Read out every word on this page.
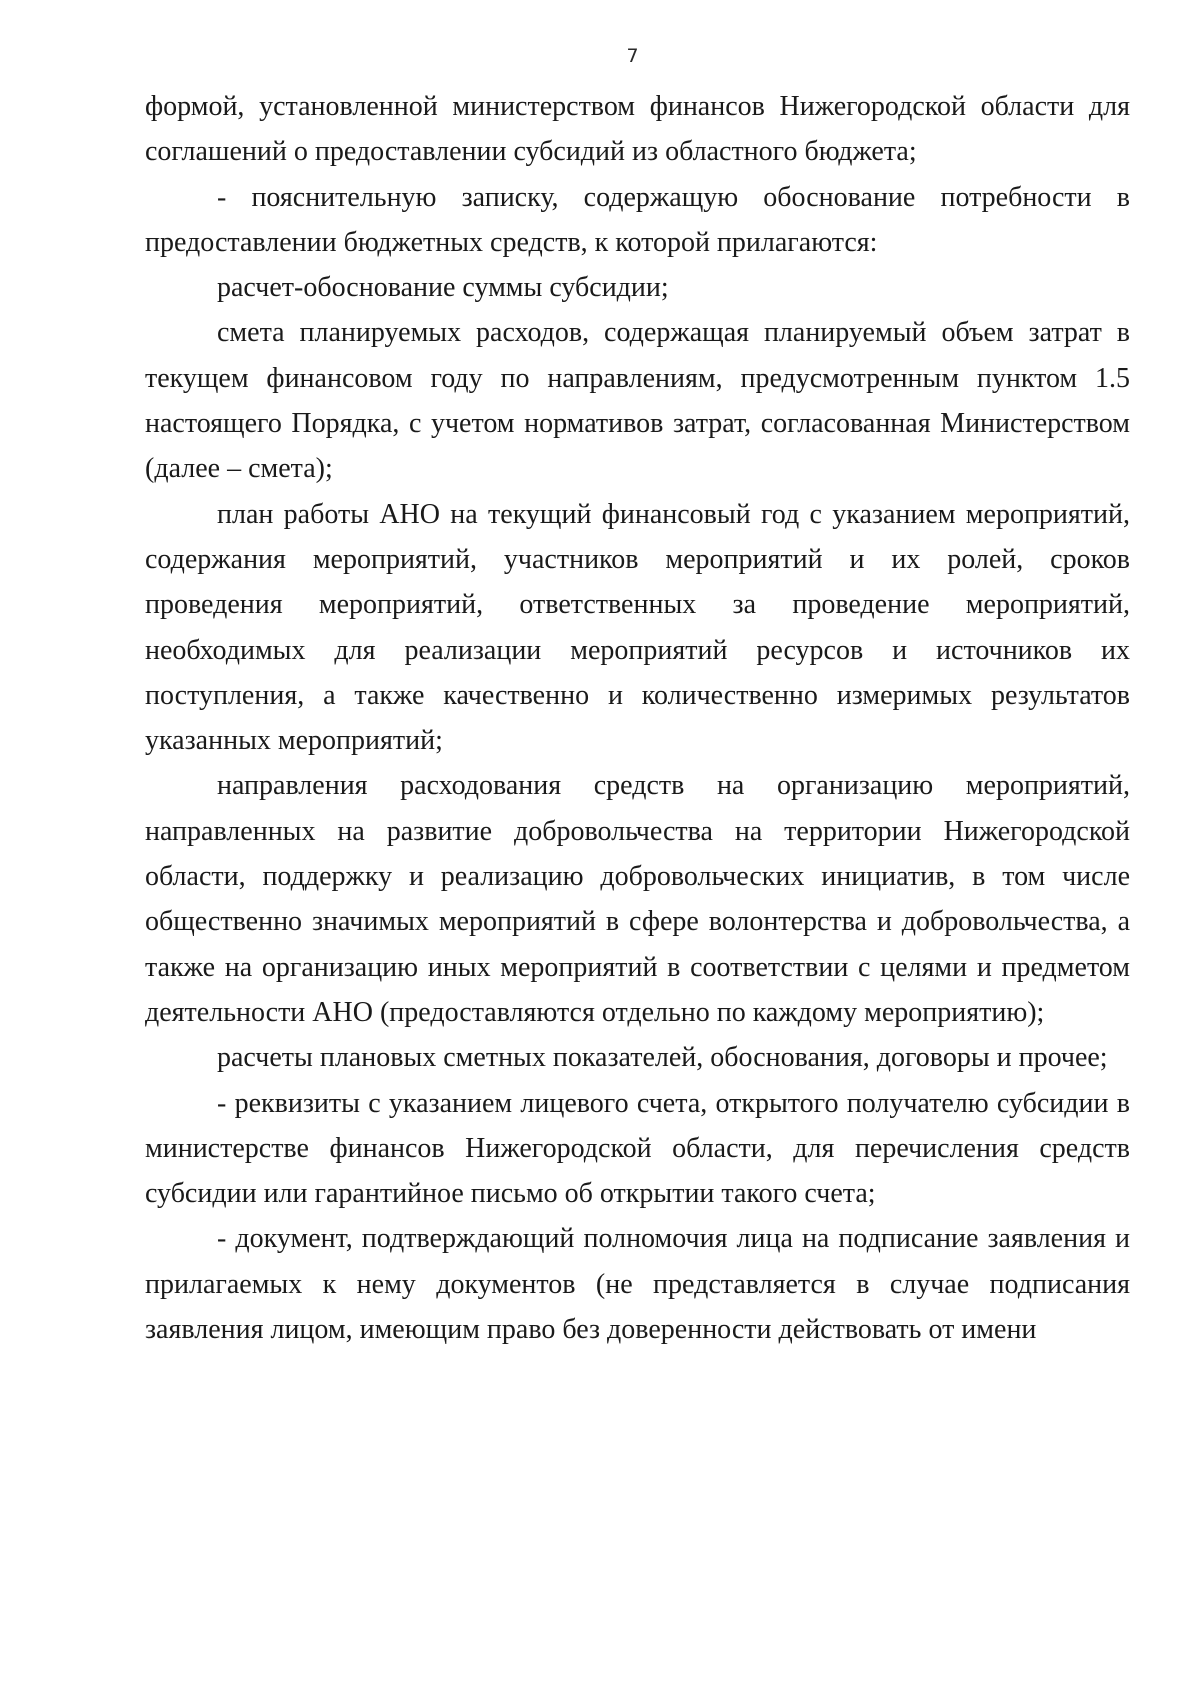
7

формой, установленной министерством финансов Нижегородской области для соглашений о предоставлении субсидий из областного бюджета;

- пояснительную записку, содержащую обоснование потребности в предоставлении бюджетных средств, к которой прилагаются:

расчет-обоснование суммы субсидии;

смета планируемых расходов, содержащая планируемый объем затрат в текущем финансовом году по направлениям, предусмотренным пунктом 1.5 настоящего Порядка, с учетом нормативов затрат, согласованная Министерством (далее – смета);

план работы АНО на текущий финансовый год с указанием мероприятий, содержания мероприятий, участников мероприятий и их ролей, сроков проведения мероприятий, ответственных за проведение мероприятий, необходимых для реализации мероприятий ресурсов и источников их поступления, а также качественно и количественно измеримых результатов указанных мероприятий;

направления расходования средств на организацию мероприятий, направленных на развитие добровольчества на территории Нижегородской области, поддержку и реализацию добровольческих инициатив, в том числе общественно значимых мероприятий в сфере волонтерства и добровольчества, а также на организацию иных мероприятий в соответствии с целями и предметом деятельности АНО (предоставляются отдельно по каждому мероприятию);

расчеты плановых сметных показателей, обоснования, договоры и прочее;

- реквизиты с указанием лицевого счета, открытого получателю субсидии в министерстве финансов Нижегородской области, для перечисления средств субсидии или гарантийное письмо об открытии такого счета;

- документ, подтверждающий полномочия лица на подписание заявления и прилагаемых к нему документов (не представляется в случае подписания заявления лицом, имеющим право без доверенности действовать от имени
